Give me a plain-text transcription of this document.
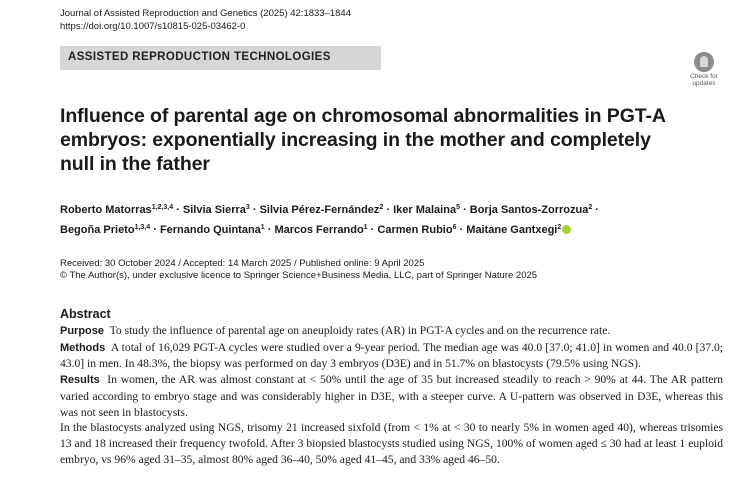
Journal of Assisted Reproduction and Genetics (2025) 42:1833–1844
https://doi.org/10.1007/s10815-025-03462-0
ASSISTED REPRODUCTION TECHNOLOGIES
Check for
updates
Influence of parental age on chromosomal abnormalities in PGT-A embryos: exponentially increasing in the mother and completely null in the father
Roberto Matorras$^{1,2,3,4}$ · Silvia Sierra$^3$ · Silvia Pérez-Fernández$^2$ · Iker Malaina$^5$ · Borja Santos-Zorrozua$^2$ ·
Begoña Prieto$^{1,3,4}$ · Fernando Quintana$^1$ · Marcos Ferrando$^1$ · Carmen Rubio$^6$ · Maitane Gantxegi$^2$
Received: 30 October 2024 / Accepted: 14 March 2025 / Published online: 9 April 2025
© The Author(s), under exclusive licence to Springer Science+Business Media, LLC, part of Springer Nature 2025
Abstract

Purpose To study the influence of parental age on aneuploidy rates (AR) in PGT-A cycles and on the recurrence rate.

Methods A total of 16,029 PGT-A cycles were studied over a 9-year period. The median age was 40.0 [37.0; 41.0] in women and 40.0 [37.0; 43.0] in men. In 48.3%, the biopsy was performed on day 3 embryos (D3E) and in 51.7% on blastocysts (79.5% using NGS).

Results In women, the AR was almost constant at < 50% until the age of 35 but increased steadily to reach > 90% at 44. The AR pattern varied according to embryo stage and was considerably higher in D3E, with a steeper curve. A U-pattern was observed in D3E, whereas this was not seen in blastocysts.

In the blastocysts analyzed using NGS, trisomy 21 increased sixfold (from < 1% at < 30 to nearly 5% in women aged 40), whereas trisomies 13 and 18 increased their frequency twofold. After 3 biopsied blastocysts studied using NGS, 100% of women aged ≤ 30 had at least 1 euploid embryo, vs 96% aged 31–35, almost 80% aged 36–40, 50% aged 41–45, and 33% aged 46–50.
